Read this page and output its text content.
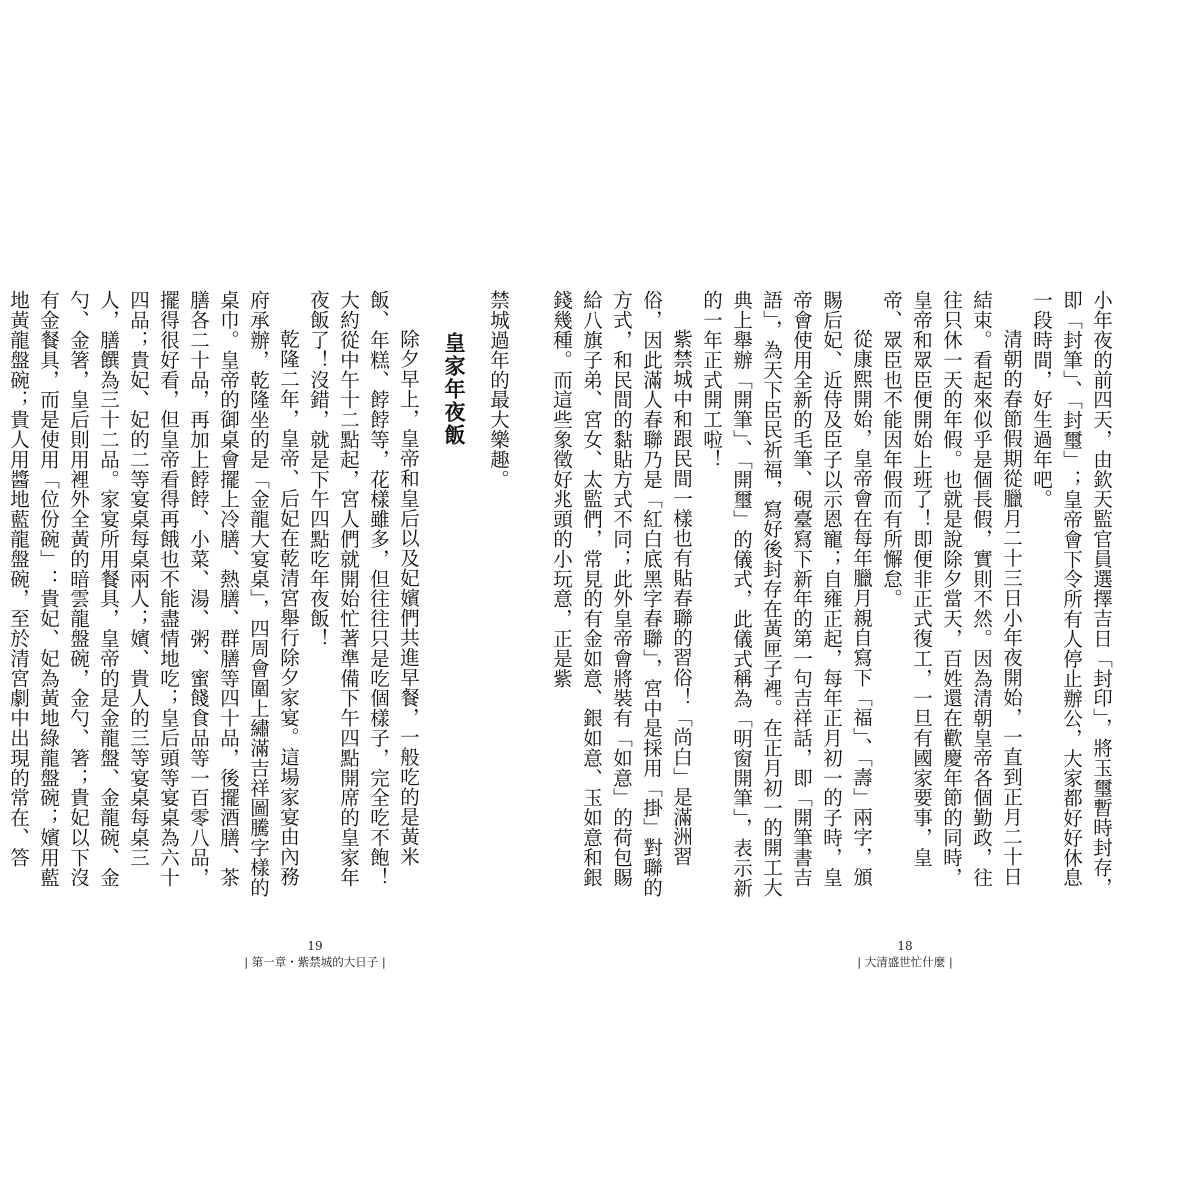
小年夜的前四天，由欽天監官員選擇吉日「封印」，將玉璽暫時封存，即「封筆」、「封璽」；皇帝會下令所有人停止辦公，大家都好好休息一段時間，好生過年吧。

清朝的春節假期從臘月二十三日小年夜開始，一直到正月二十日結束。看起來似乎是個長假，實則不然。因為清朝皇帝各個勤政，往往只休一天的年假。也就是說除夕當天，百姓還在歡慶年節的同時，皇帝和眾臣便開始上班了！即便非正式復工，一旦有國家要事，皇帝、眾臣也不能因年假而有所懈怠。

從康熙開始，皇帝會在每年臘月親自寫下「福」、「壽」兩字，頒賜后妃、近侍及臣子以示恩寵；自雍正起，每年正月初一的子時，皇帝會使用全新的毛筆、硯臺寫下新年的第一句吉祥話，即「開筆書吉語」，為天下臣民祈福，寫好後封存在黃匣子裡。在正月初一的開工大典上舉辦「開筆」、「開璽」的儀式，此儀式稱為「明窗開筆」，表示新的一年正式開工啦！

紫禁城中和跟民間一樣也有貼春聯的習俗！「尚白」是滿洲習俗，因此滿人春聯乃是「紅白底黑字春聯」，宮中是採用「掛」對聯的方式，和民間的黏貼方式不同；此外皇帝會將裝有「如意」的荷包賜給八旗子弟、宮女、太監們，常見的有金如意、銀如意、玉如意和銀錢幾種。而這些象徵好兆頭的小玩意，正是紫

禁城過年的最大樂趣。

皇家年夜飯

除夕早上，皇帝和皇后以及妃嬪們共進早餐，一般吃的是黃米飯、年糕、餑餑等，花樣雖多，但往往只是吃個樣子，完全吃不飽！大約從中午十二點起，宮人們就開始忙著準備下午四點開席的皇家年夜飯了！沒錯，就是下午四點吃年夜飯！

乾隆二年，皇帝、后妃在乾清宮舉行除夕家宴。這場家宴由內務府承辦，乾隆坐的是「金龍大宴桌」，四周會圍上繡滿吉祥圖騰字樣的桌巾。皇帝的御桌會擺上冷膳、熱膳、群膳等四十品，後擺酒膳、茶膳各二十品，再加上餑餑、小菜、湯、粥、蜜餞食品等一百零八品，擺得很好看，但皇帝看得再餓也不能盡情地吃；皇后頭等宴桌為六十四品；貴妃、妃的二等宴桌每桌兩人；嬪、貴人的三等宴桌每桌三人，膳饌為三十二品。家宴所用餐具，皇帝的是金龍盤、金龍碗、金勺、金箸，皇后則用裡外全黃的暗雲龍盤碗，金勺、箸；貴妃以下沒有金餐具，而是使用「位份碗」：貴妃、妃為黃地綠龍盤碗；嬪用藍地黃龍盤碗；貴人用醬地藍龍盤碗，至於清宮劇中出現的常在、答

19
| 第一章・紫禁城的大日子 |
18
| 大清盛世忙什麼 |
